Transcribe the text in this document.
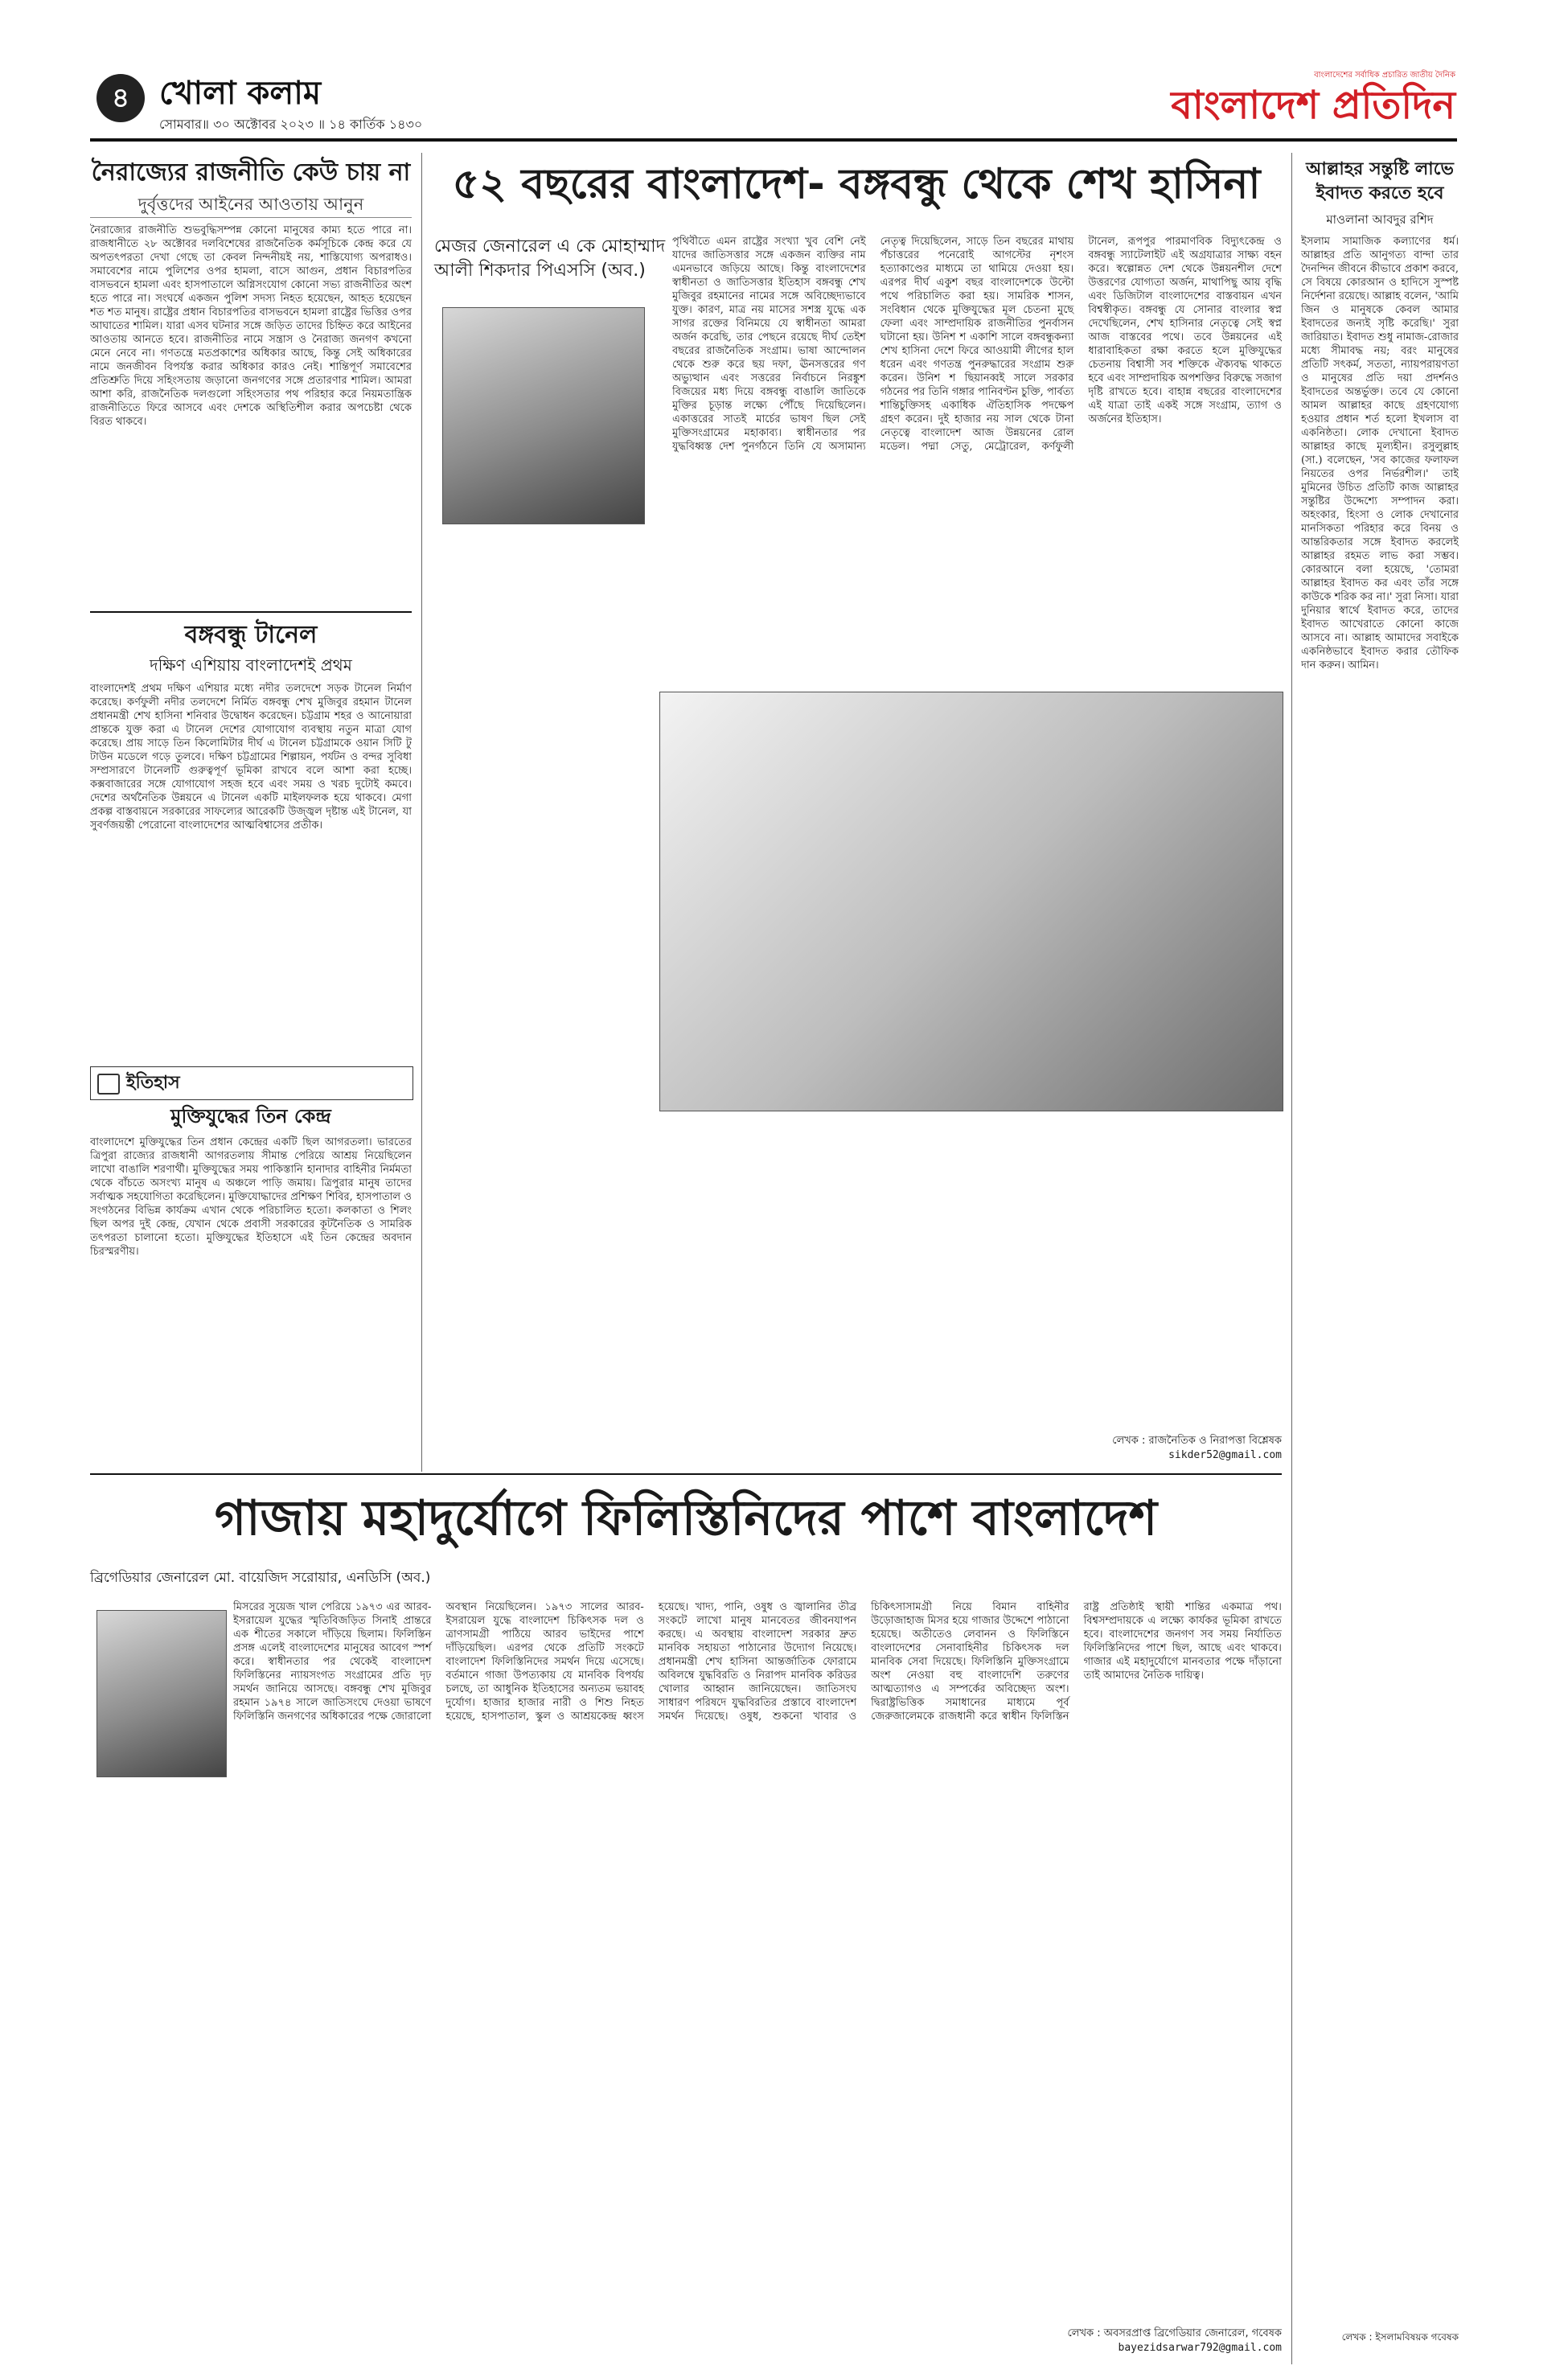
৪ খোলা কলাম
সোমবার॥ ৩০ অক্টোবর ২০২৩ ॥ ১৪ কার্তিক ১৪৩০
বাংলাদেশের সর্বাধিক প্রচারিত জাতীয় দৈনিক
বাংলাদেশ প্রতিদিন
নৈরাজ্যের রাজনীতি কেউ চায় না
দুর্বৃত্তদের আইনের আওতায় আনুন
নৈরাজ্যের রাজনীতি শুভবুদ্ধিসম্পন্ন কোনো মানুষের কাম্য হতে পারে না। রাজধানীতে ২৮ অক্টোবর দলবিশেষের রাজনৈতিক কর্মসূচিকে কেন্দ্র করে যে অপতৎপরতা দেখা গেছে তা কেবল নিন্দনীয়ই নয়, শাস্তিযোগ্য অপরাধও। সমাবেশের নামে পুলিশের ওপর হামলা, বাসে আগুন, প্রধান বিচারপতির বাসভবনে হামলা এবং হাসপাতালে অগ্নিসংযোগ কোনো সভ্য রাজনীতির অংশ হতে পারে না। সংঘর্ষে একজন পুলিশ সদস্য নিহত হয়েছেন, আহত হয়েছেন শত শত মানুষ। রাষ্ট্রের প্রধান বিচারপতির বাসভবনে হামলা রাষ্ট্রের ভিত্তির ওপর আঘাতের শামিল। যারা এসব ঘটনার সঙ্গে জড়িত তাদের চিহ্নিত করে আইনের আওতায় আনতে হবে। রাজনীতির নামে সন্ত্রাস ও নৈরাজ্য জনগণ কখনো মেনে নেবে না। গণতন্ত্রে মতপ্রকাশের অধিকার আছে, কিন্তু সেই অধিকারের নামে জনজীবন বিপর্যস্ত করার অধিকার কারও নেই। শান্তিপূর্ণ সমাবেশের প্রতিশ্রুতি দিয়ে সহিংসতায় জড়ানো জনগণের সঙ্গে প্রতারণার শামিল। আমরা আশা করি, রাজনৈতিক দলগুলো সহিংসতার পথ পরিহার করে নিয়মতান্ত্রিক রাজনীতিতে ফিরে আসবে এবং দেশকে অস্থিতিশীল করার অপচেষ্টা থেকে বিরত থাকবে।
বঙ্গবন্ধু টানেল
দক্ষিণ এশিয়ায় বাংলাদেশই প্রথম
বাংলাদেশই প্রথম দক্ষিণ এশিয়ার মধ্যে নদীর তলদেশে সড়ক টানেল নির্মাণ করেছে। কর্ণফুলী নদীর তলদেশে নির্মিত বঙ্গবন্ধু শেখ মুজিবুর রহমান টানেল প্রধানমন্ত্রী শেখ হাসিনা শনিবার উদ্বোধন করেছেন। চট্টগ্রাম শহর ও আনোয়ারা প্রান্তকে যুক্ত করা এ টানেল দেশের যোগাযোগ ব্যবস্থায় নতুন মাত্রা যোগ করেছে। প্রায় সাড়ে তিন কিলোমিটার দীর্ঘ এ টানেল চট্টগ্রামকে ওয়ান সিটি টু টাউন মডেলে গড়ে তুলবে। দক্ষিণ চট্টগ্রামের শিল্পায়ন, পর্যটন ও বন্দর সুবিধা সম্প্রসারণে টানেলটি গুরুত্বপূর্ণ ভূমিকা রাখবে বলে আশা করা হচ্ছে। কক্সবাজারের সঙ্গে যোগাযোগ সহজ হবে এবং সময় ও খরচ দুটোই কমবে। দেশের অর্থনৈতিক উন্নয়নে এ টানেল একটি মাইলফলক হয়ে থাকবে। মেগা প্রকল্প বাস্তবায়নে সরকারের সাফল্যের আরেকটি উজ্জ্বল দৃষ্টান্ত এই টানেল, যা সুবর্ণজয়ন্তী পেরোনো বাংলাদেশের আত্মবিশ্বাসের প্রতীক।
ইতিহাস
মুক্তিযুদ্ধের তিন কেন্দ্র
বাংলাদেশে মুক্তিযুদ্ধের তিন প্রধান কেন্দ্রের একটি ছিল আগরতলা। ভারতের ত্রিপুরা রাজ্যের রাজধানী আগরতলায় সীমান্ত পেরিয়ে আশ্রয় নিয়েছিলেন লাখো বাঙালি শরণার্থী। মুক্তিযুদ্ধের সময় পাকিস্তানি হানাদার বাহিনীর নির্মমতা থেকে বাঁচতে অসংখ্য মানুষ এ অঞ্চলে পাড়ি জমায়। ত্রিপুরার মানুষ তাদের সর্বাত্মক সহযোগিতা করেছিলেন। মুক্তিযোদ্ধাদের প্রশিক্ষণ শিবির, হাসপাতাল ও সংগঠনের বিভিন্ন কার্যক্রম এখান থেকে পরিচালিত হতো। কলকাতা ও শিলং ছিল অপর দুই কেন্দ্র, যেখান থেকে প্রবাসী সরকারের কূটনৈতিক ও সামরিক তৎপরতা চালানো হতো। মুক্তিযুদ্ধের ইতিহাসে এই তিন কেন্দ্রের অবদান চিরস্মরণীয়।
৫২ বছরের বাংলাদেশ- বঙ্গবন্ধু থেকে শেখ হাসিনা
মেজর জেনারেল এ কে মোহাম্মাদ আলী শিকদার পিএসসি (অব.)
পৃথিবীতে এমন রাষ্ট্রের সংখ্যা খুব বেশি নেই যাদের জাতিসত্তার সঙ্গে একজন ব্যক্তির নাম এমনভাবে জড়িয়ে আছে। কিন্তু বাংলাদেশের স্বাধীনতা ও জাতিসত্তার ইতিহাস বঙ্গবন্ধু শেখ মুজিবুর রহমানের নামের সঙ্গে অবিচ্ছেদ্যভাবে যুক্ত। কারণ, মাত্র নয় মাসের সশস্ত্র যুদ্ধে এক সাগর রক্তের বিনিময়ে যে স্বাধীনতা আমরা অর্জন করেছি, তার পেছনে রয়েছে দীর্ঘ তেইশ বছরের রাজনৈতিক সংগ্রাম। ভাষা আন্দোলন থেকে শুরু করে ছয় দফা, ঊনসত্তরের গণ অভ্যুত্থান এবং সত্তরের নির্বাচনে নিরঙ্কুশ বিজয়ের মধ্য দিয়ে বঙ্গবন্ধু বাঙালি জাতিকে মুক্তির চূড়ান্ত লক্ষ্যে পৌঁছে দিয়েছিলেন। একাত্তরের সাতই মার্চের ভাষণ ছিল সেই মুক্তিসংগ্রামের মহাকাব্য। স্বাধীনতার পর যুদ্ধবিধ্বস্ত দেশ পুনর্গঠনে তিনি যে অসামান্য নেতৃত্ব দিয়েছিলেন, সাড়ে তিন বছরের মাথায় পঁচাত্তরের পনেরোই আগস্টের নৃশংস হত্যাকাণ্ডের মাধ্যমে তা থামিয়ে দেওয়া হয়। এরপর দীর্ঘ একুশ বছর বাংলাদেশকে উল্টো পথে পরিচালিত করা হয়। সামরিক শাসন, সংবিধান থেকে মুক্তিযুদ্ধের মূল চেতনা মুছে ফেলা এবং সাম্প্রদায়িক রাজনীতির পুনর্বাসন ঘটানো হয়। উনিশ শ একাশি সালে বঙ্গবন্ধুকন্যা শেখ হাসিনা দেশে ফিরে আওয়ামী লীগের হাল ধরেন এবং গণতন্ত্র পুনরুদ্ধারের সংগ্রাম শুরু করেন। উনিশ শ ছিয়ানব্বই সালে সরকার গঠনের পর তিনি গঙ্গার পানিবণ্টন চুক্তি, পার্বত্য শান্তিচুক্তিসহ একাধিক ঐতিহাসিক পদক্ষেপ গ্রহণ করেন। দুই হাজার নয় সাল থেকে টানা নেতৃত্বে বাংলাদেশ আজ উন্নয়নের রোল মডেল। পদ্মা সেতু, মেট্রোরেল, কর্ণফুলী টানেল, রূপপুর পারমাণবিক বিদ্যুৎকেন্দ্র ও বঙ্গবন্ধু স্যাটেলাইট এই অগ্রযাত্রার সাক্ষ্য বহন করে। স্বল্পোন্নত দেশ থেকে উন্নয়নশীল দেশে উত্তরণের যোগ্যতা অর্জন, মাথাপিছু আয় বৃদ্ধি এবং ডিজিটাল বাংলাদেশের বাস্তবায়ন এখন বিশ্বস্বীকৃত। বঙ্গবন্ধু যে সোনার বাংলার স্বপ্ন দেখেছিলেন, শেখ হাসিনার নেতৃত্বে সেই স্বপ্ন আজ বাস্তবের পথে। তবে উন্নয়নের এই ধারাবাহিকতা রক্ষা করতে হলে মুক্তিযুদ্ধের চেতনায় বিশ্বাসী সব শক্তিকে ঐক্যবদ্ধ থাকতে হবে এবং সাম্প্রদায়িক অপশক্তির বিরুদ্ধে সজাগ দৃষ্টি রাখতে হবে। বাহান্ন বছরের বাংলাদেশের এই যাত্রা তাই একই সঙ্গে সংগ্রাম, ত্যাগ ও অর্জনের ইতিহাস।
লেখক : রাজনৈতিক ও নিরাপত্তা বিশ্লেষক
sikder52@gmail.com
আল্লাহর সন্তুষ্টি লাভে ইবাদত করতে হবে
মাওলানা আবদুর রশিদ
ইসলাম সামাজিক কল্যাণের ধর্ম। আল্লাহর প্রতি আনুগত্য বান্দা তার দৈনন্দিন জীবনে কীভাবে প্রকাশ করবে, সে বিষয়ে কোরআন ও হাদিসে সুস্পষ্ট নির্দেশনা রয়েছে। আল্লাহ বলেন, 'আমি জিন ও মানুষকে কেবল আমার ইবাদতের জন্যই সৃষ্টি করেছি।' সুরা জারিয়াত। ইবাদত শুধু নামাজ-রোজার মধ্যে সীমাবদ্ধ নয়; বরং মানুষের প্রতিটি সৎকর্ম, সততা, ন্যায়পরায়ণতা ও মানুষের প্রতি দয়া প্রদর্শনও ইবাদতের অন্তর্ভুক্ত। তবে যে কোনো আমল আল্লাহর কাছে গ্রহণযোগ্য হওয়ার প্রধান শর্ত হলো ইখলাস বা একনিষ্ঠতা। লোক দেখানো ইবাদত আল্লাহর কাছে মূল্যহীন। রসুলুল্লাহ (সা.) বলেছেন, 'সব কাজের ফলাফল নিয়তের ওপর নির্ভরশীল।' তাই মুমিনের উচিত প্রতিটি কাজ আল্লাহর সন্তুষ্টির উদ্দেশ্যে সম্পাদন করা। অহংকার, হিংসা ও লোক দেখানোর মানসিকতা পরিহার করে বিনয় ও আন্তরিকতার সঙ্গে ইবাদত করলেই আল্লাহর রহমত লাভ করা সম্ভব। কোরআনে বলা হয়েছে, 'তোমরা আল্লাহর ইবাদত কর এবং তাঁর সঙ্গে কাউকে শরিক কর না।' সুরা নিসা। যারা দুনিয়ার স্বার্থে ইবাদত করে, তাদের ইবাদত আখেরাতে কোনো কাজে আসবে না। আল্লাহ আমাদের সবাইকে একনিষ্ঠভাবে ইবাদত করার তৌফিক দান করুন। আমিন।
লেখক : ইসলামবিষয়ক গবেষক
গাজায় মহাদুর্যোগে ফিলিস্তিনিদের পাশে বাংলাদেশ
ব্রিগেডিয়ার জেনারেল মো. বায়েজিদ সরোয়ার, এনডিসি (অব.)
মিসরের সুয়েজ খাল পেরিয়ে ১৯৭৩ এর আরব-ইসরায়েল যুদ্ধের স্মৃতিবিজড়িত সিনাই প্রান্তরে এক শীতের সকালে দাঁড়িয়ে ছিলাম। ফিলিস্তিন প্রসঙ্গ এলেই বাংলাদেশের মানুষের আবেগ স্পর্শ করে। স্বাধীনতার পর থেকেই বাংলাদেশ ফিলিস্তিনের ন্যায়সংগত সংগ্রামের প্রতি দৃঢ় সমর্থন জানিয়ে আসছে। বঙ্গবন্ধু শেখ মুজিবুর রহমান ১৯৭৪ সালে জাতিসংঘে দেওয়া ভাষণে ফিলিস্তিনি জনগণের অধিকারের পক্ষে জোরালো অবস্থান নিয়েছিলেন। ১৯৭৩ সালের আরব-ইসরায়েল যুদ্ধে বাংলাদেশ চিকিৎসক দল ও ত্রাণসামগ্রী পাঠিয়ে আরব ভাইদের পাশে দাঁড়িয়েছিল। এরপর থেকে প্রতিটি সংকটে বাংলাদেশ ফিলিস্তিনিদের সমর্থন দিয়ে এসেছে। বর্তমানে গাজা উপত্যকায় যে মানবিক বিপর্যয় চলছে, তা আধুনিক ইতিহাসের অন্যতম ভয়াবহ দুর্যোগ। হাজার হাজার নারী ও শিশু নিহত হয়েছে, হাসপাতাল, স্কুল ও আশ্রয়কেন্দ্র ধ্বংস হয়েছে। খাদ্য, পানি, ওষুধ ও জ্বালানির তীব্র সংকটে লাখো মানুষ মানবেতর জীবনযাপন করছে। এ অবস্থায় বাংলাদেশ সরকার দ্রুত মানবিক সহায়তা পাঠানোর উদ্যোগ নিয়েছে। প্রধানমন্ত্রী শেখ হাসিনা আন্তর্জাতিক ফোরামে অবিলম্বে যুদ্ধবিরতি ও নিরাপদ মানবিক করিডর খোলার আহ্বান জানিয়েছেন। জাতিসংঘ সাধারণ পরিষদে যুদ্ধবিরতির প্রস্তাবে বাংলাদেশ সমর্থন দিয়েছে। ওষুধ, শুকনো খাবার ও চিকিৎসাসামগ্রী নিয়ে বিমান বাহিনীর উড়োজাহাজ মিসর হয়ে গাজার উদ্দেশে পাঠানো হয়েছে। অতীতেও লেবানন ও ফিলিস্তিনে বাংলাদেশের সেনাবাহিনীর চিকিৎসক দল মানবিক সেবা দিয়েছে। ফিলিস্তিনি মুক্তিসংগ্রামে অংশ নেওয়া বহু বাংলাদেশি তরুণের আত্মত্যাগও এ সম্পর্কের অবিচ্ছেদ্য অংশ। দ্বিরাষ্ট্রভিত্তিক সমাধানের মাধ্যমে পূর্ব জেরুজালেমকে রাজধানী করে স্বাধীন ফিলিস্তিন রাষ্ট্র প্রতিষ্ঠাই স্থায়ী শান্তির একমাত্র পথ। বিশ্বসম্প্রদায়কে এ লক্ষ্যে কার্যকর ভূমিকা রাখতে হবে। বাংলাদেশের জনগণ সব সময় নির্যাতিত ফিলিস্তিনিদের পাশে ছিল, আছে এবং থাকবে। গাজার এই মহাদুর্যোগে মানবতার পক্ষে দাঁড়ানো তাই আমাদের নৈতিক দায়িত্ব।
লেখক : অবসরপ্রাপ্ত ব্রিগেডিয়ার জেনারেল, গবেষক
bayezidsarwar792@gmail.com
